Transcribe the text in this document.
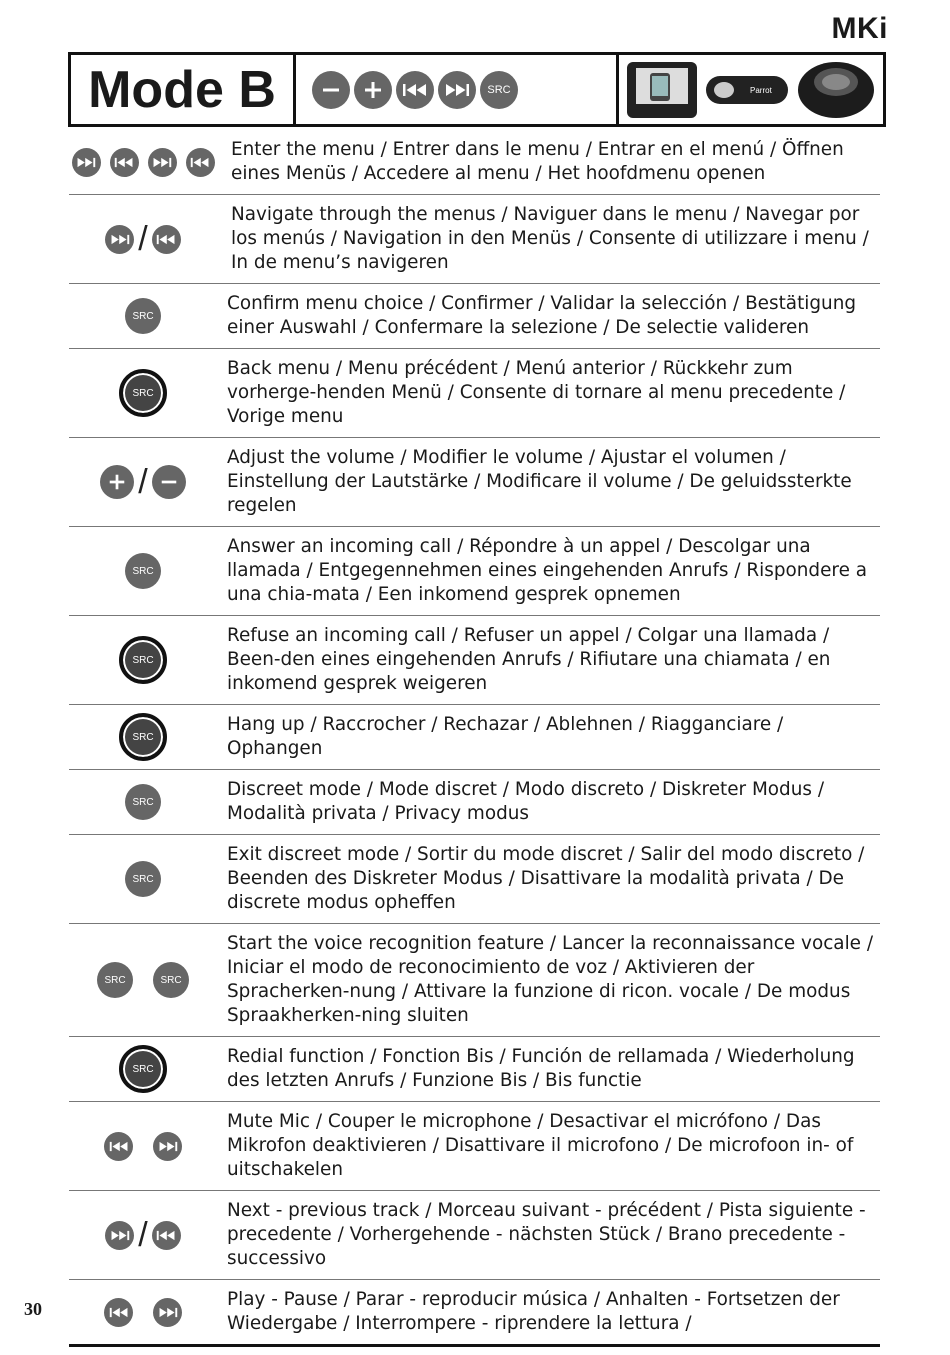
MKi
Mode B	SRC	Parrot
	Enter the menu / Entrer dans le menu / Entrar en el menú / Öffnen eines Menüs / Accedere al menu / Het hoofdmenu openen

/	Navigate through the menus / Naviguer dans le menu / Navegar por los menús / Navigation in den Menüs / Consente di utilizzare i menu / In de menu’s navigeren

SRC	Confirm menu choice / Confirmer / Validar la selección / Bestätigung einer Auswahl / Confermare la selezione / De selectie valideren

SRC	Back menu / Menu précédent / Menú anterior / Rückkehr zum vorherge-henden Menü / Consente di tornare al menu precedente / Vorige menu

/	Adjust the volume / Modifier le volume / Ajustar el volumen / Einstellung der Lautstärke / Modificare il volume / De geluidssterkte regelen

SRC	Answer an incoming call / Répondre à un appel / Descolgar una llamada / Entgegennehmen eines eingehenden Anrufs / Rispondere a una chia-mata / Een inkomend gesprek opnemen

SRC	Refuse an incoming call / Refuser un appel / Colgar una llamada / Been-den eines eingehenden Anrufs / Rifiutare una chiamata / en inkomend gesprek weigeren

SRC	Hang up / Raccrocher / Rechazar / Ablehnen / Riagganciare / Ophangen

SRC	Discreet mode / Mode discret / Modo discreto / Diskreter Modus / Modalità privata / Privacy modus

SRC	Exit discreet mode / Sortir du mode discret / Salir del modo discreto / Beenden des Diskreter Modus / Disattivare la modalità privata / De discrete modus opheffen

SRC SRC	Start the voice recognition feature / Lancer la reconnaissance vocale / Iniciar el modo de reconocimiento de voz / Aktivieren der Spracherken-nung / Attivare la funzione di ricon. vocale / De modus Spraakherken-ning sluiten

SRC	Redial function / Fonction Bis / Función de rellamada / Wiederholung des letzten Anrufs / Funzione Bis / Bis functie

	Mute Mic / Couper le microphone / Desactivar el micrófono / Das Mikrofon deaktivieren / Disattivare il microfono / De microfoon in- of uitschakelen

/	Next - previous track / Morceau suivant - précédent / Pista siguiente - precedente / Vorhergehende - nächsten Stück / Brano precedente - successivo

	Play - Pause / Parar - reproducir música / Anhalten - Fortsetzen der Wiedergabe / Interrompere - riprendere la lettura /
30
